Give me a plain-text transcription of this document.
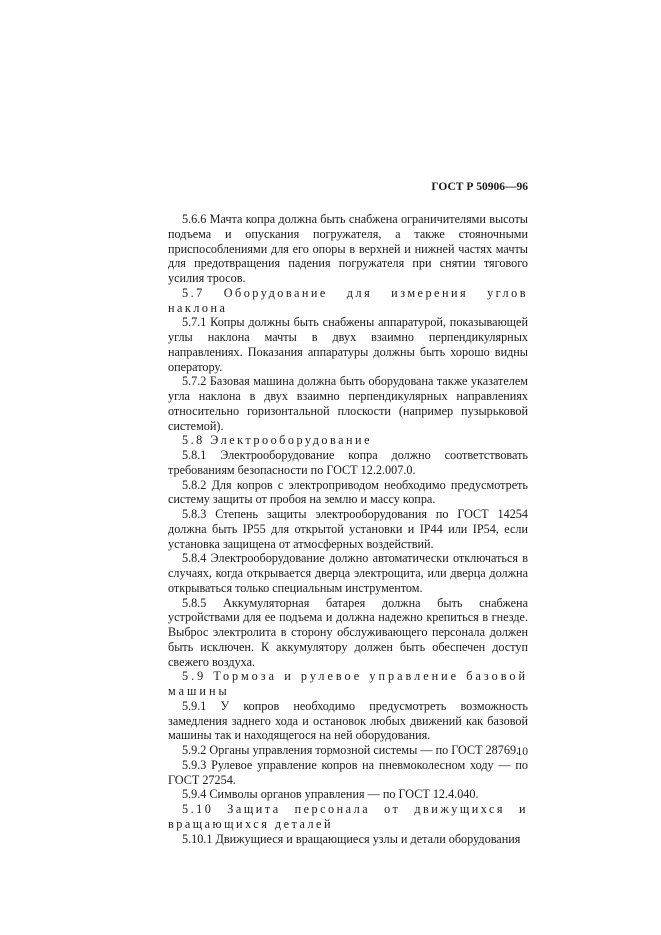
ГОСТ Р 50906—96

5.6.6 Мачта копра должна быть снабжена ограничителями высоты подъема и опускания погружателя, а также стояночными приспособлениями для его опоры в верхней и нижней частях мачты для предотвращения падения погружателя при снятии тягового усилия тросов.

5.7 Оборудование для измерения углов наклона

5.7.1 Копры должны быть снабжены аппаратурой, показывающей углы наклона мачты в двух взаимно перпендикулярных направлениях. Показания аппаратуры должны быть хорошо видны оператору.

5.7.2 Базовая машина должна быть оборудована также указателем угла наклона в двух взаимно перпендикулярных направлениях относительно горизонтальной плоскости (например пузырьковой системой).

5.8 Электрооборудование

5.8.1 Электрооборудование копра должно соответствовать требованиям безопасности по ГОСТ 12.2.007.0.

5.8.2 Для копров с электроприводом необходимо предусмотреть систему защиты от пробоя на землю и массу копра.

5.8.3 Степень защиты электрооборудования по ГОСТ 14254 должна быть IP55 для открытой установки и IP44 или IP54, если установка защищена от атмосферных воздействий.

5.8.4 Электрооборудование должно автоматически отключаться в случаях, когда открывается дверца электрощита, или дверца должна открываться только специальным инструментом.

5.8.5 Аккумуляторная батарея должна быть снабжена устройствами для ее подъема и должна надежно крепиться в гнезде. Выброс электролита в сторону обслуживающего персонала должен быть исключен. К аккумулятору должен быть обеспечен доступ свежего воздуха.

5.9 Тормоза и рулевое управление базовой машины

5.9.1 У копров необходимо предусмотреть возможность замедления заднего хода и остановок любых движений как базовой машины так и находящегося на ней оборудования.

5.9.2 Органы управления тормозной системы — по ГОСТ 28769.

5.9.3 Рулевое управление копров на пневмоколесном ходу — по ГОСТ 27254.

5.9.4 Символы органов управления — по ГОСТ 12.4.040.

5.10 Защита персонала от движущихся и вращающихся деталей

5.10.1 Движущиеся и вращающиеся узлы и детали оборудования

10
